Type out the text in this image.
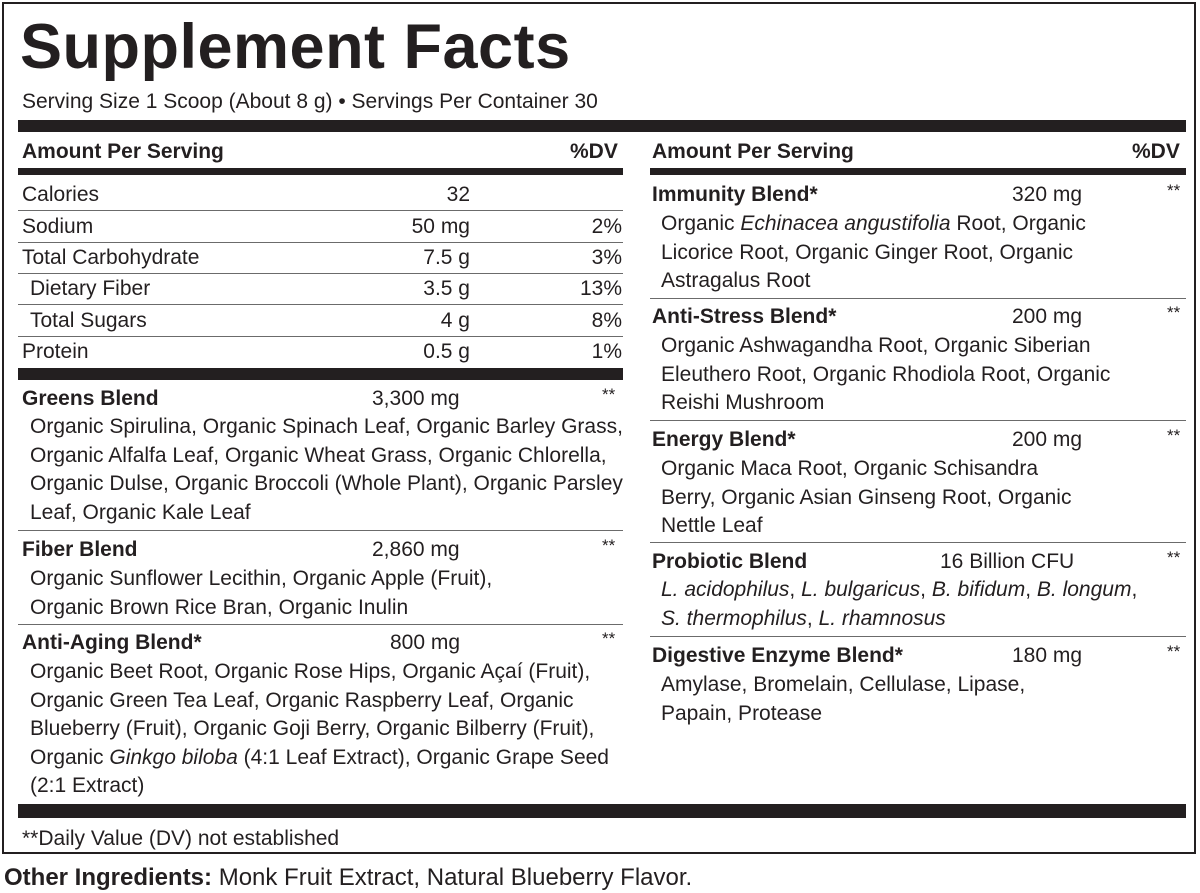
Supplement Facts
Serving Size 1 Scoop (About 8 g) • Servings Per Container 30
Amount Per Serving	%DV Amount Per Serving	%DV
Calories	32
Sodium	50 mg	2%
Total Carbohydrate	7.5 g	3%
Dietary Fiber	3.5 g	13%
Total Sugars	4 g	8%
Protein	0.5 g	1%
Greens Blend	3,300 mg	**
Organic Spirulina, Organic Spinach Leaf, Organic Barley Grass, Organic Alfalfa Leaf, Organic Wheat Grass, Organic Chlorella, Organic Dulse, Organic Broccoli (Whole Plant), Organic Parsley Leaf, Organic Kale Leaf
Fiber Blend	2,860 mg	**
Organic Sunflower Lecithin, Organic Apple (Fruit), Organic Brown Rice Bran, Organic Inulin
Anti-Aging Blend*	800 mg	**
Organic Beet Root, Organic Rose Hips, Organic Açaí (Fruit), Organic Green Tea Leaf, Organic Raspberry Leaf, Organic Blueberry (Fruit), Organic Goji Berry, Organic Bilberry (Fruit), Organic Ginkgo biloba (4:1 Leaf Extract), Organic Grape Seed (2:1 Extract)
Immunity Blend*	320 mg	**
Organic Echinacea angustifolia Root, Organic Licorice Root, Organic Ginger Root, Organic Astragalus Root
Anti-Stress Blend*	200 mg	**
Organic Ashwagandha Root, Organic Siberian Eleuthero Root, Organic Rhodiola Root, Organic Reishi Mushroom
Energy Blend*	200 mg	**
Organic Maca Root, Organic Schisandra Berry, Organic Asian Ginseng Root, Organic Nettle Leaf
Probiotic Blend	16 Billion CFU	**
L. acidophilus, L. bulgaricus, B. bifidum, B. longum, S. thermophilus, L. rhamnosus
Digestive Enzyme Blend*	180 mg	**
Amylase, Bromelain, Cellulase, Lipase, Papain, Protease
**Daily Value (DV) not established
Other Ingredients: Monk Fruit Extract, Natural Blueberry Flavor.
